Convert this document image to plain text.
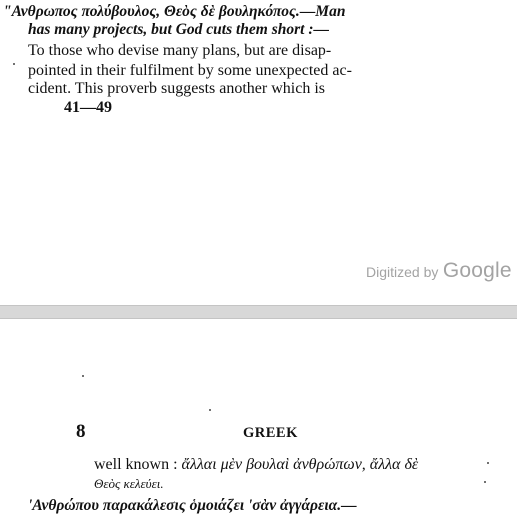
"Ανθρωπος πολύβουλος, Θεὸς δὲ βουληκόπος.—Man
has many projects, but God cuts them short :—
To those who devise many plans, but are disap-
pointed in their fulfilment by some unexpected ac-
cident. This proverb suggests another which is
41—49
Digitized by Google
8	GREEK
well known : ἄλλαι μὲν βουλαὶ ἀνθρώπων, ἄλλα δὲ
Θεὸς κελεύει.
'Ανθρώπου παρακάλεσις ὁμοιάζει 'σὰν ἀγγάρεια.—
